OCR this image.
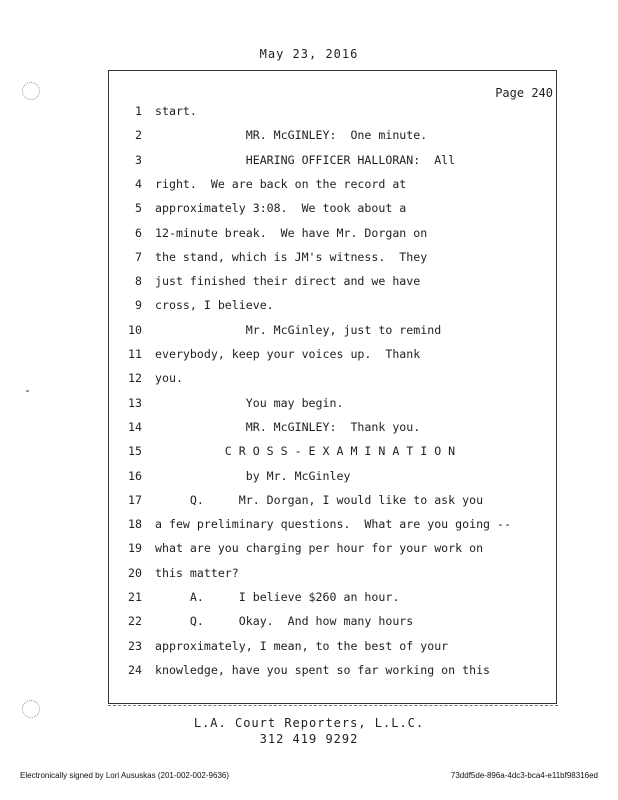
May 23, 2016
Page 240
1 start.
2 MR. McGINLEY:  One minute.
3 HEARING OFFICER HALLORAN:  All
4 right.  We are back on the record at
5 approximately 3:08.  We took about a
6 12-minute break.  We have Mr. Dorgan on
7 the stand, which is JM's witness.  They
8 just finished their direct and we have
9 cross, I believe.
10 Mr. McGinley, just to remind
11 everybody, keep your voices up.  Thank
12 you.
13 You may begin.
14 MR. McGINLEY:  Thank you.
15 C R O S S - E X A M I N A T I O N
16 by Mr. McGinley
17 Q.     Mr. Dorgan, I would like to ask you
18 a few preliminary questions.  What are you going --
19 what are you charging per hour for your work on
20 this matter?
21 A.     I believe $260 an hour.
22 Q.     Okay.  And how many hours
23 approximately, I mean, to the best of your
24 knowledge, have you spent so far working on this
L.A. Court Reporters, L.L.C.
312 419 9292
Electronically signed by Lori Aususkas (201-002-002-9636)	73ddf5de-896a-4dc3-bca4-e11bf98316ed
